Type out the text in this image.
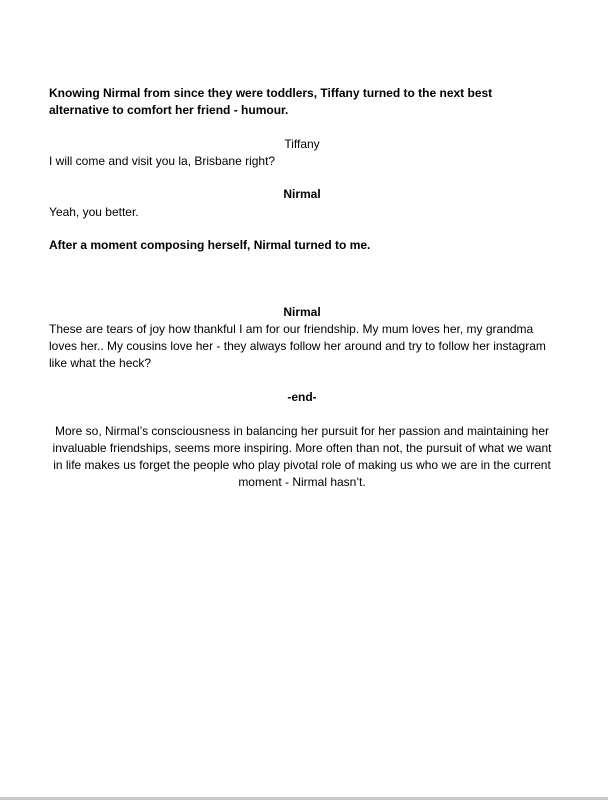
Knowing Nirmal from since they were toddlers, Tiffany turned to the next best alternative to comfort her friend - humour.

Tiffany

I will come and visit you la, Brisbane right?

Nirmal

Yeah, you better.

After a moment composing herself, Nirmal turned to me.

Nirmal

These are tears of joy how thankful I am for our friendship. My mum loves her, my grandma loves her.. My cousins love her - they always follow her around and try to follow her instagram like what the heck?

-end-

More so, Nirmal’s consciousness in balancing her pursuit for her passion and maintaining her invaluable friendships, seems more inspiring. More often than not, the pursuit of what we want in life makes us forget the people who play pivotal role of making us who we are in the current moment - Nirmal hasn’t.
